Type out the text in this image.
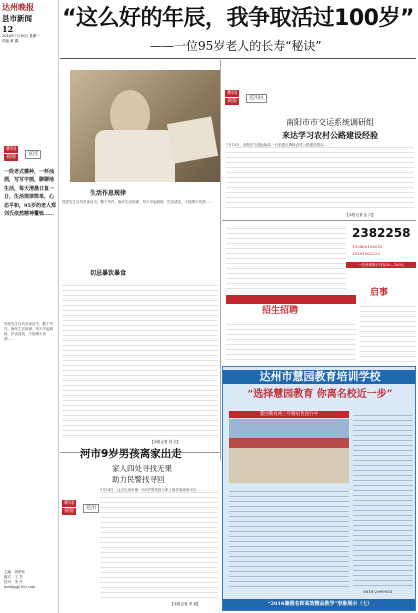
达州晚报
县市新闻
12
2016年7月18日 星期一
责编 黄 鑫
“这么好的年辰，我争取活过100岁”
——一位95岁老人的长寿“秘诀”
新闻
视窗	宣汉
一段老式播种，一杯浊酒，写写字画，聊聊地生活，每天清晨日复一日，生活规律简单，心态平和，95岁的老人郑刘氏依然精神矍铄……
郑老先生自幼苦读诗书，勤于劳作，晚年生活规律，每天早起晨练，饮食清淡，不抽烟少饮酒……
生活作息规律
郑老先生自幼苦读诗书，勤于劳作，晚年生活规律，每天早起晨练，饮食清淡，不抽烟少饮酒……
切忌暴饮暴食
【本报记者 刘 宗】
新闻
视窗	达川区
南阳市市交运系统调研组
来达学习农村公路建设经验
7月15日，南阳市交通运输局一行来我区调研农村公路建设情况……
【本报记者 达 川】
2382258
135480106555
15281062222
一经发现即行刊登30—100元
招生招聘
启事
达州市慧园教育培训学校
“选择慧园教育 你离名校近一步”
慧园教育初三年级培优进行中
0818-2999933
“2016暑假名师高效精品教学”形象展示（七）
河市9岁男孩离家出走
家人四处寻找无果
助力民警找寻回
新闻
视窗	达川
7月14日，达川区河市镇一名9岁男孩因与家人闹矛盾离家出走……
【本报记者 李 娟】
主编：胡利民
版式：王 芳
校对：李 丹
dzwbjq@163.com
